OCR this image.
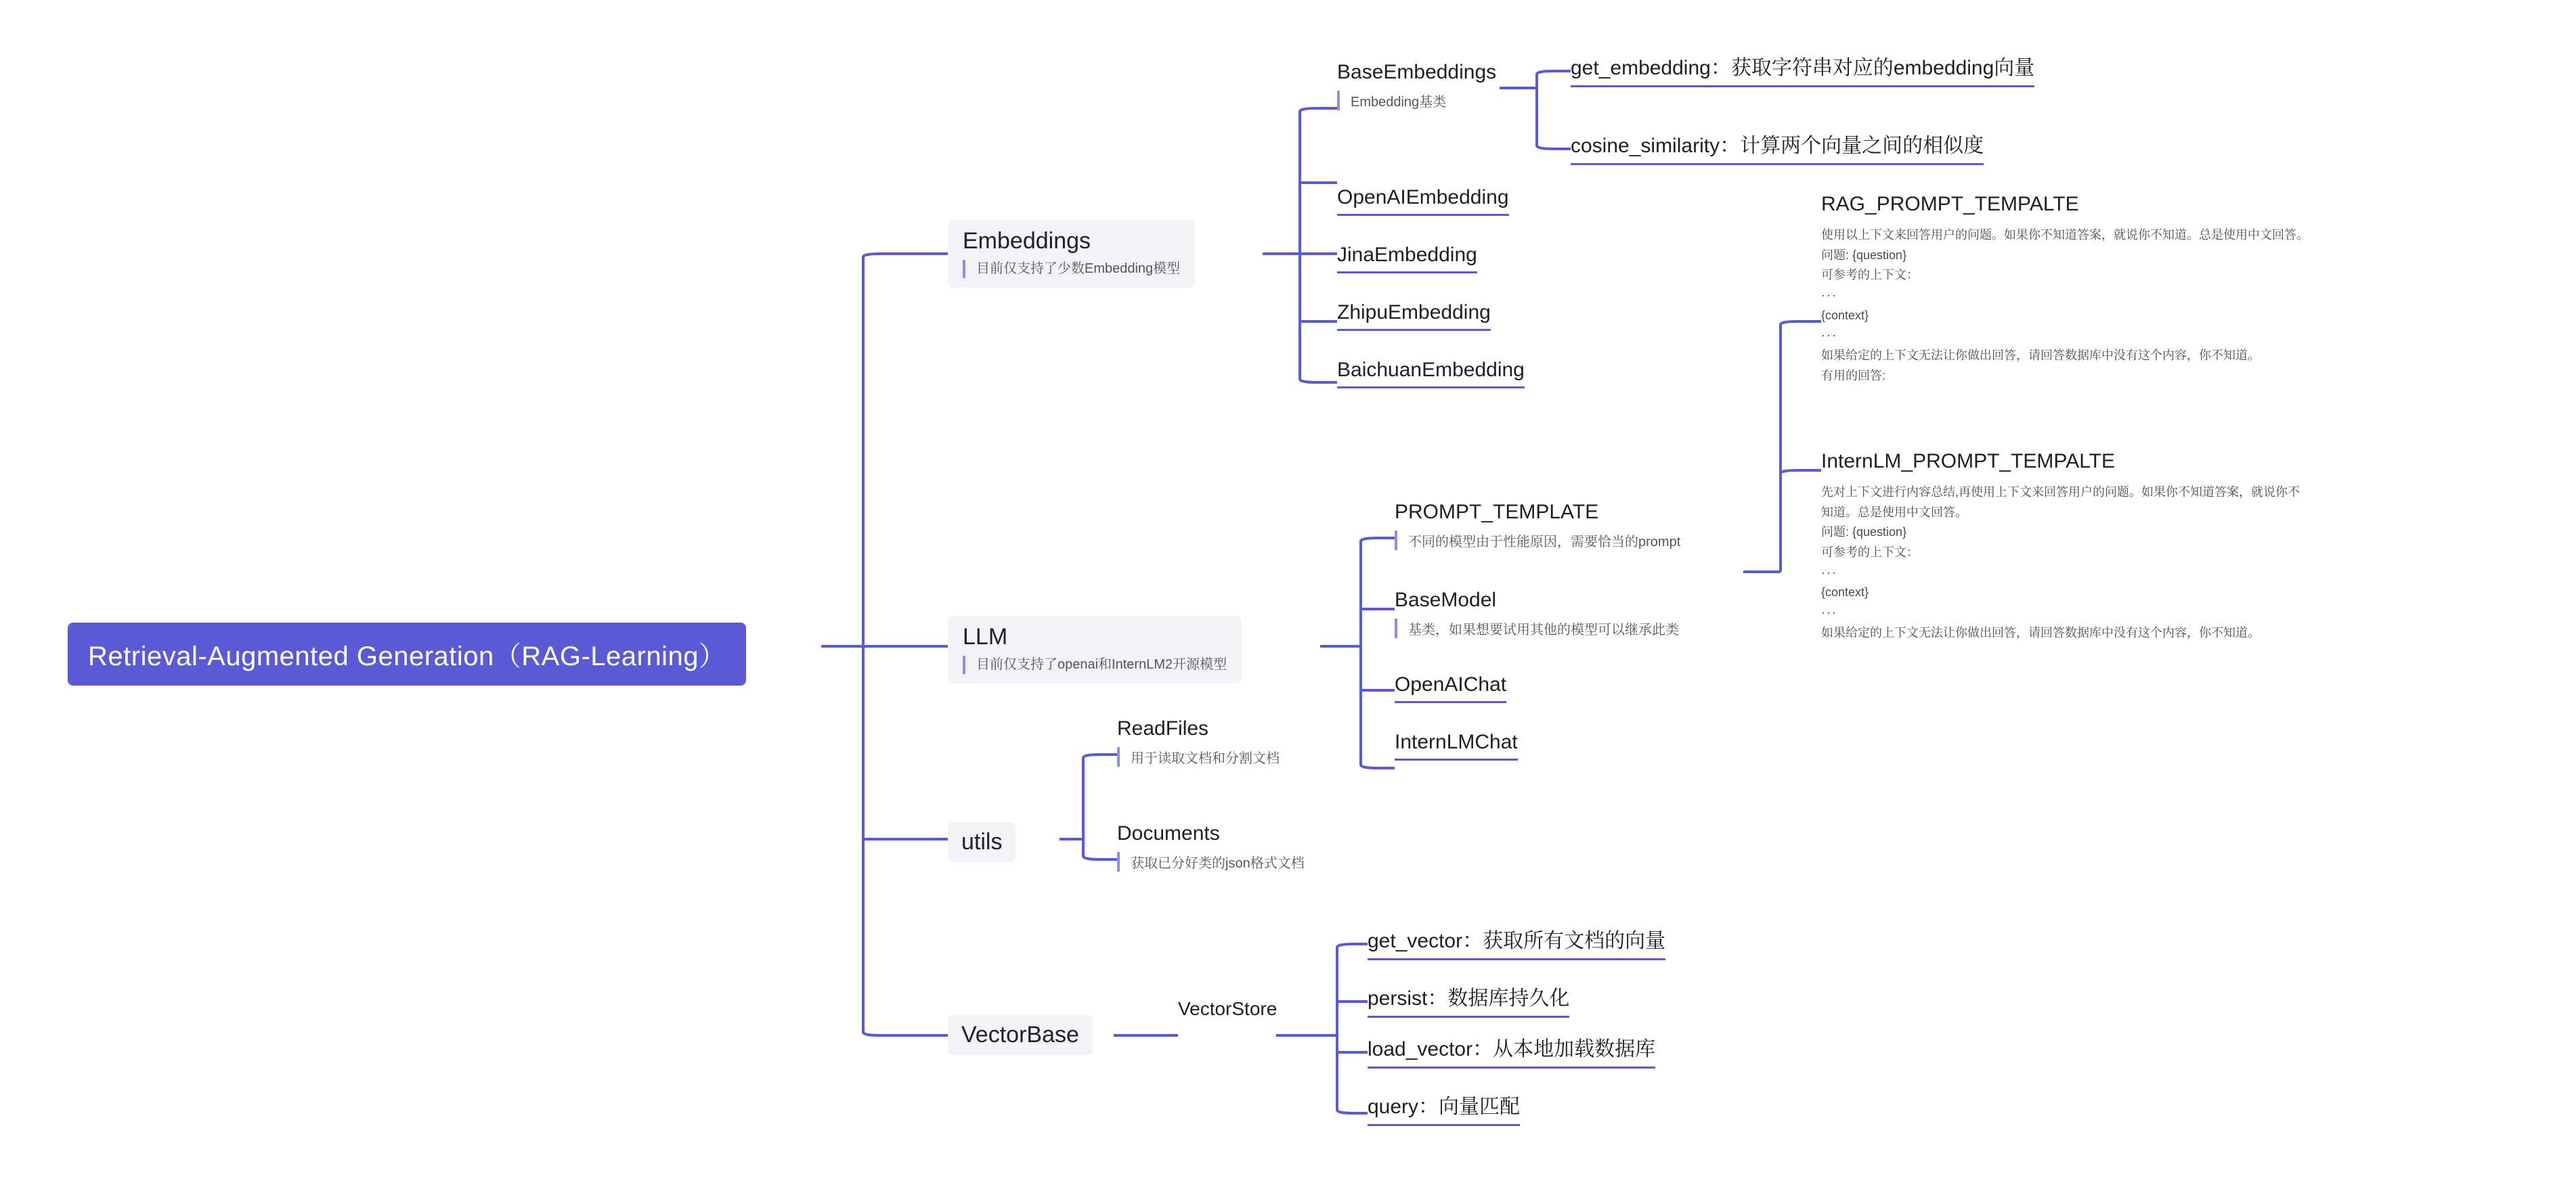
Retrieval-Augmented Generation（RAG-Learning）
Embeddings
目前仅支持了少数Embedding模型
BaseEmbeddings
Embedding基类
OpenAIEmbedding
JinaEmbedding
ZhipuEmbedding
BaichuanEmbedding
get_embedding：获取字符串对应的embedding向量
cosine_similarity：计算两个向量之间的相似度
LLM
目前仅支持了openai和InternLM2开源模型
PROMPT_TEMPLATE
不同的模型由于性能原因，需要恰当的prompt
BaseModel
基类，如果想要试用其他的模型可以继承此类
OpenAIChat
InternLMChat
RAG_PROMPT_TEMPALTE
使用以上下文来回答用户的问题。如果你不知道答案，就说你不知道。总是使用中文回答。
问题: {question}
可参考的上下文：
···
{context}
···
如果给定的上下文无法让你做出回答，请回答数据库中没有这个内容，你不知道。
有用的回答:
InternLM_PROMPT_TEMPALTE
先对上下文进行内容总结,再使用上下文来回答用户的问题。如果你不知道答案，就说你不
知道。总是使用中文回答。
问题: {question}
可参考的上下文：
···
{context}
···
如果给定的上下文无法让你做出回答，请回答数据库中没有这个内容，你不知道。
utils
ReadFiles
用于读取文档和分割文档
Documents
获取已分好类的json格式文档
VectorBase
VectorStore
get_vector：获取所有文档的向量
persist：数据库持久化
load_vector：从本地加载数据库
query：向量匹配
